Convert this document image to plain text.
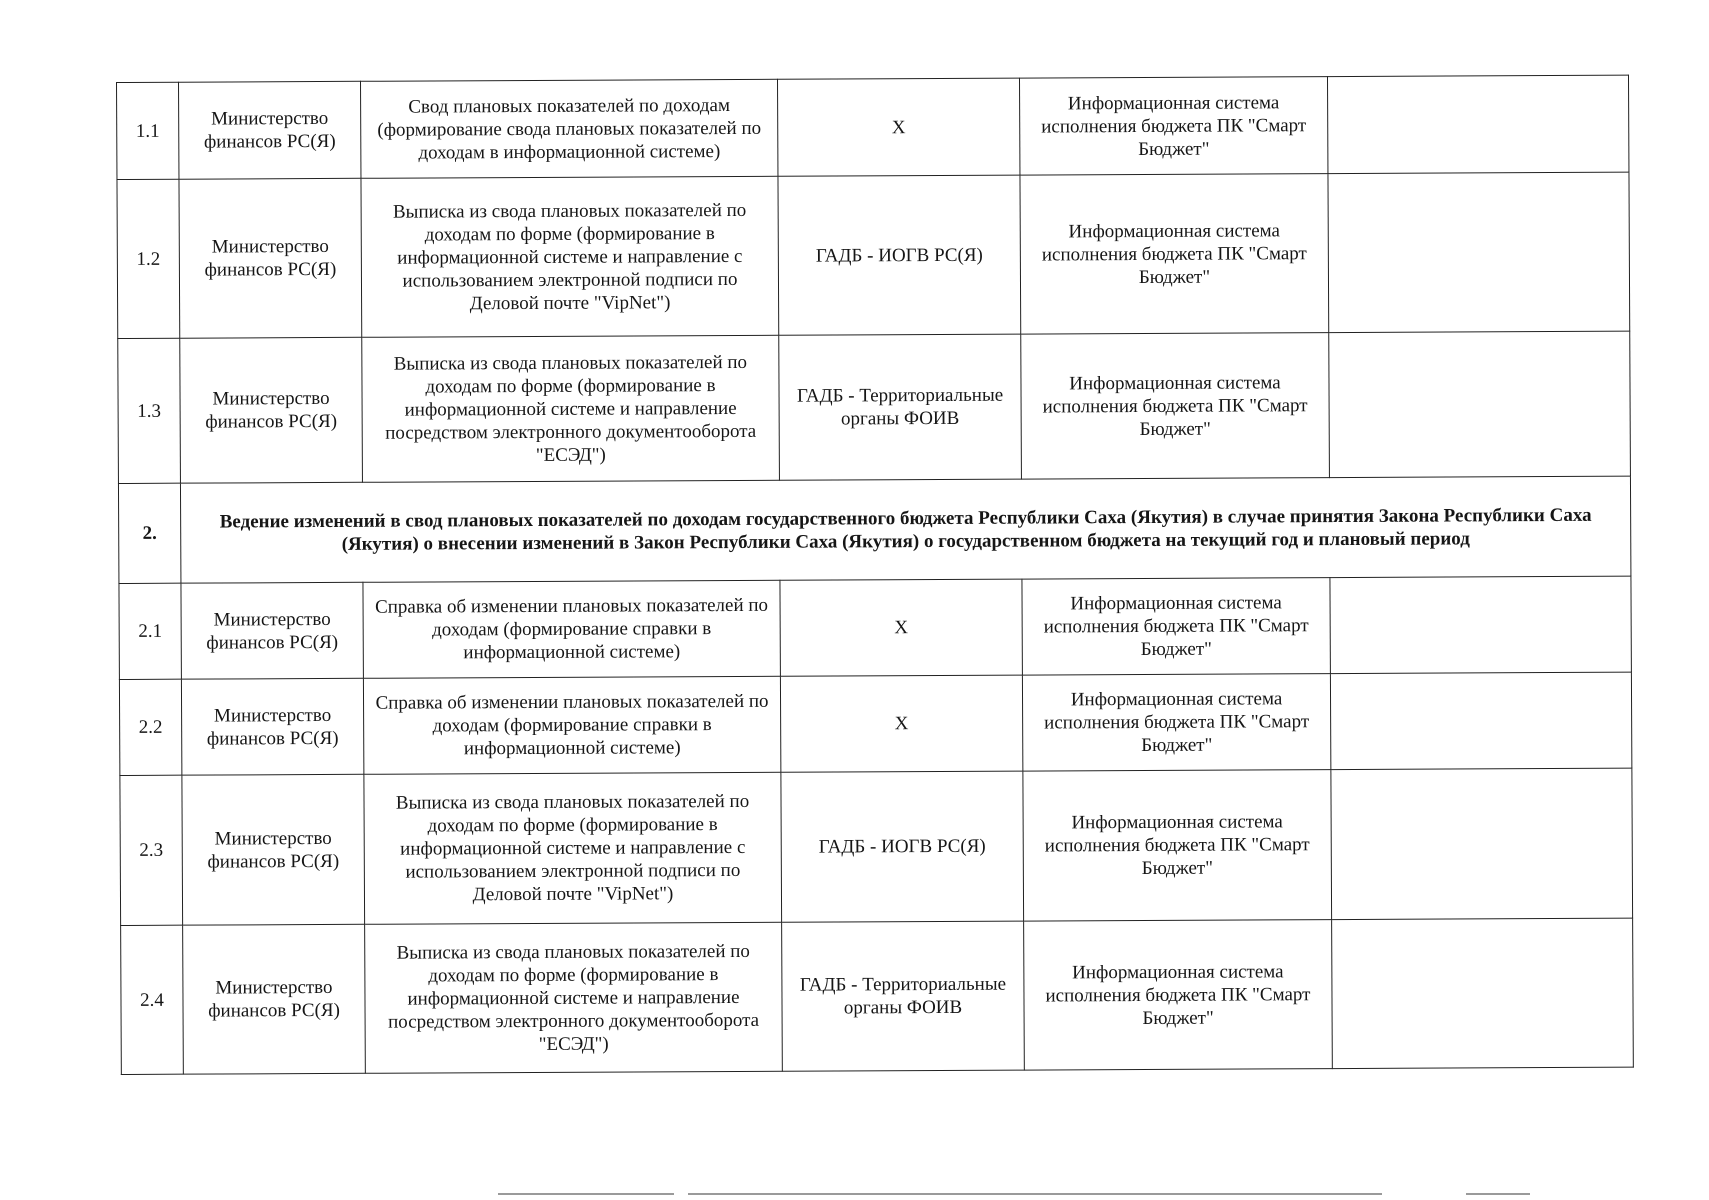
1.1	Министерство финансов РС(Я)	Свод плановых показателей по доходам (формирование свода плановых показателей по доходам в информационной системе)	Х	Информационная система исполнения бюджета ПК "Смарт Бюджет"	
1.2	Министерство финансов РС(Я)	Выписка из свода плановых показателей по доходам по форме (формирование в информационной системе и направление с использованием электронной подписи по Деловой почте "VipNet")	ГАДБ - ИОГВ РС(Я)	Информационная система исполнения бюджета ПК "Смарт Бюджет"	
1.3	Министерство финансов РС(Я)	Выписка из свода плановых показателей по доходам по форме (формирование в информационной системе и направление посредством электронного документооборота "ЕСЭД")	ГАДБ - Территориальные органы ФОИВ	Информационная система исполнения бюджета ПК "Смарт Бюджет"	
2.	Ведение изменений в свод плановых показателей по доходам государственного бюджета Республики Саха (Якутия) в случае принятия Закона Республики Саха (Якутия) о внесении изменений в Закон Республики Саха (Якутия) о государственном бюджета на текущий год и плановый период				
2.1	Министерство финансов РС(Я)	Справка об изменении плановых показателей по доходам (формирование справки в информационной системе)	Х	Информационная система исполнения бюджета ПК "Смарт Бюджет"	
2.2	Министерство финансов РС(Я)	Справка об изменении плановых показателей по доходам (формирование справки в информационной системе)	Х	Информационная система исполнения бюджета ПК "Смарт Бюджет"	
2.3	Министерство финансов РС(Я)	Выписка из свода плановых показателей по доходам по форме (формирование в информационной системе и направление с использованием электронной подписи по Деловой почте "VipNet")	ГАДБ - ИОГВ РС(Я)	Информационная система исполнения бюджета ПК "Смарт Бюджет"	
2.4	Министерство финансов РС(Я)	Выписка из свода плановых показателей по доходам по форме (формирование в информационной системе и направление посредством электронного документооборота "ЕСЭД")	ГАДБ - Территориальные органы ФОИВ	Информационная система исполнения бюджета ПК "Смарт Бюджет"	
